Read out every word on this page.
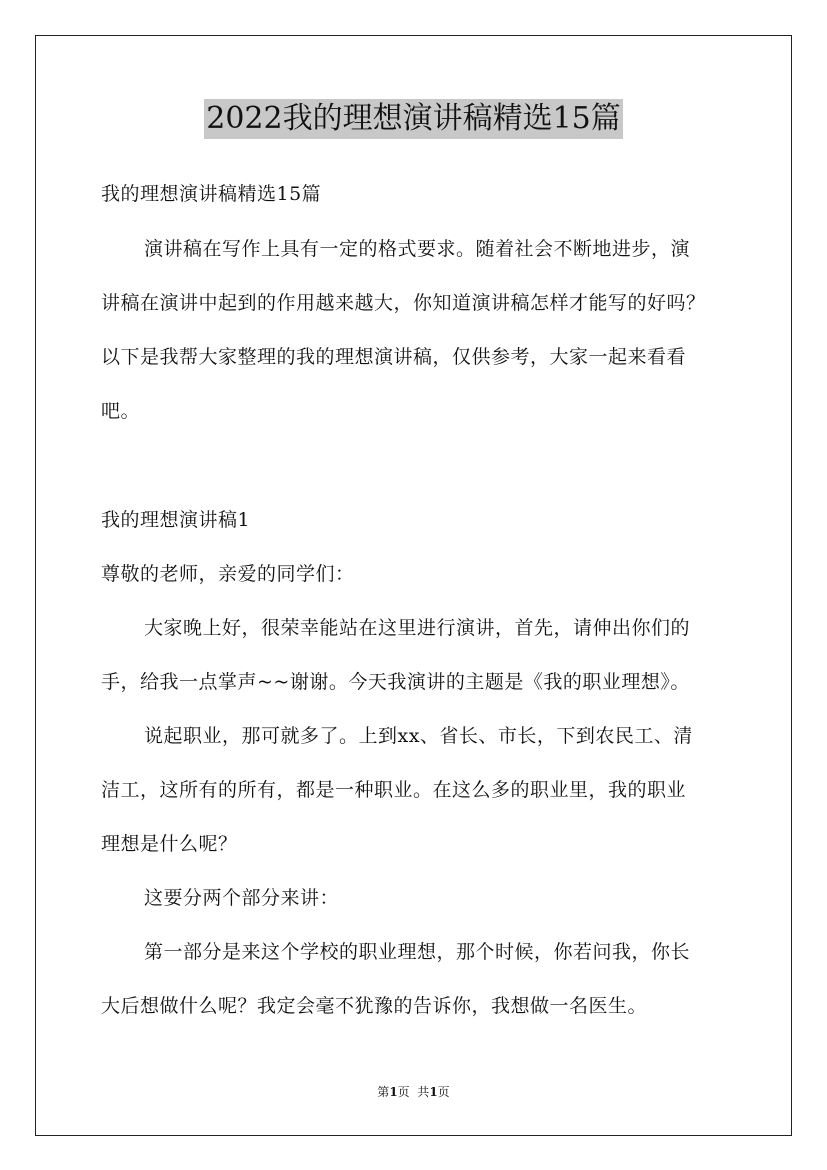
2022我的理想演讲稿精选15篇
我的理想演讲稿精选15篇
演讲稿在写作上具有一定的格式要求。随着社会不断地进步，演
讲稿在演讲中起到的作用越来越大，你知道演讲稿怎样才能写的好吗？
以下是我帮大家整理的我的理想演讲稿，仅供参考，大家一起来看看
吧。
我的理想演讲稿1
尊敬的老师，亲爱的同学们：
大家晚上好，很荣幸能站在这里进行演讲，首先，请伸出你们的
手，给我一点掌声~~谢谢。今天我演讲的主题是《我的职业理想》。
说起职业，那可就多了。上到xx、省长、市长，下到农民工、清
洁工，这所有的所有，都是一种职业。在这么多的职业里，我的职业
理想是什么呢？
这要分两个部分来讲：
第一部分是来这个学校的职业理想，那个时候，你若问我，你长
大后想做什么呢？我定会毫不犹豫的告诉你，我想做一名医生。
第1页  共1页
